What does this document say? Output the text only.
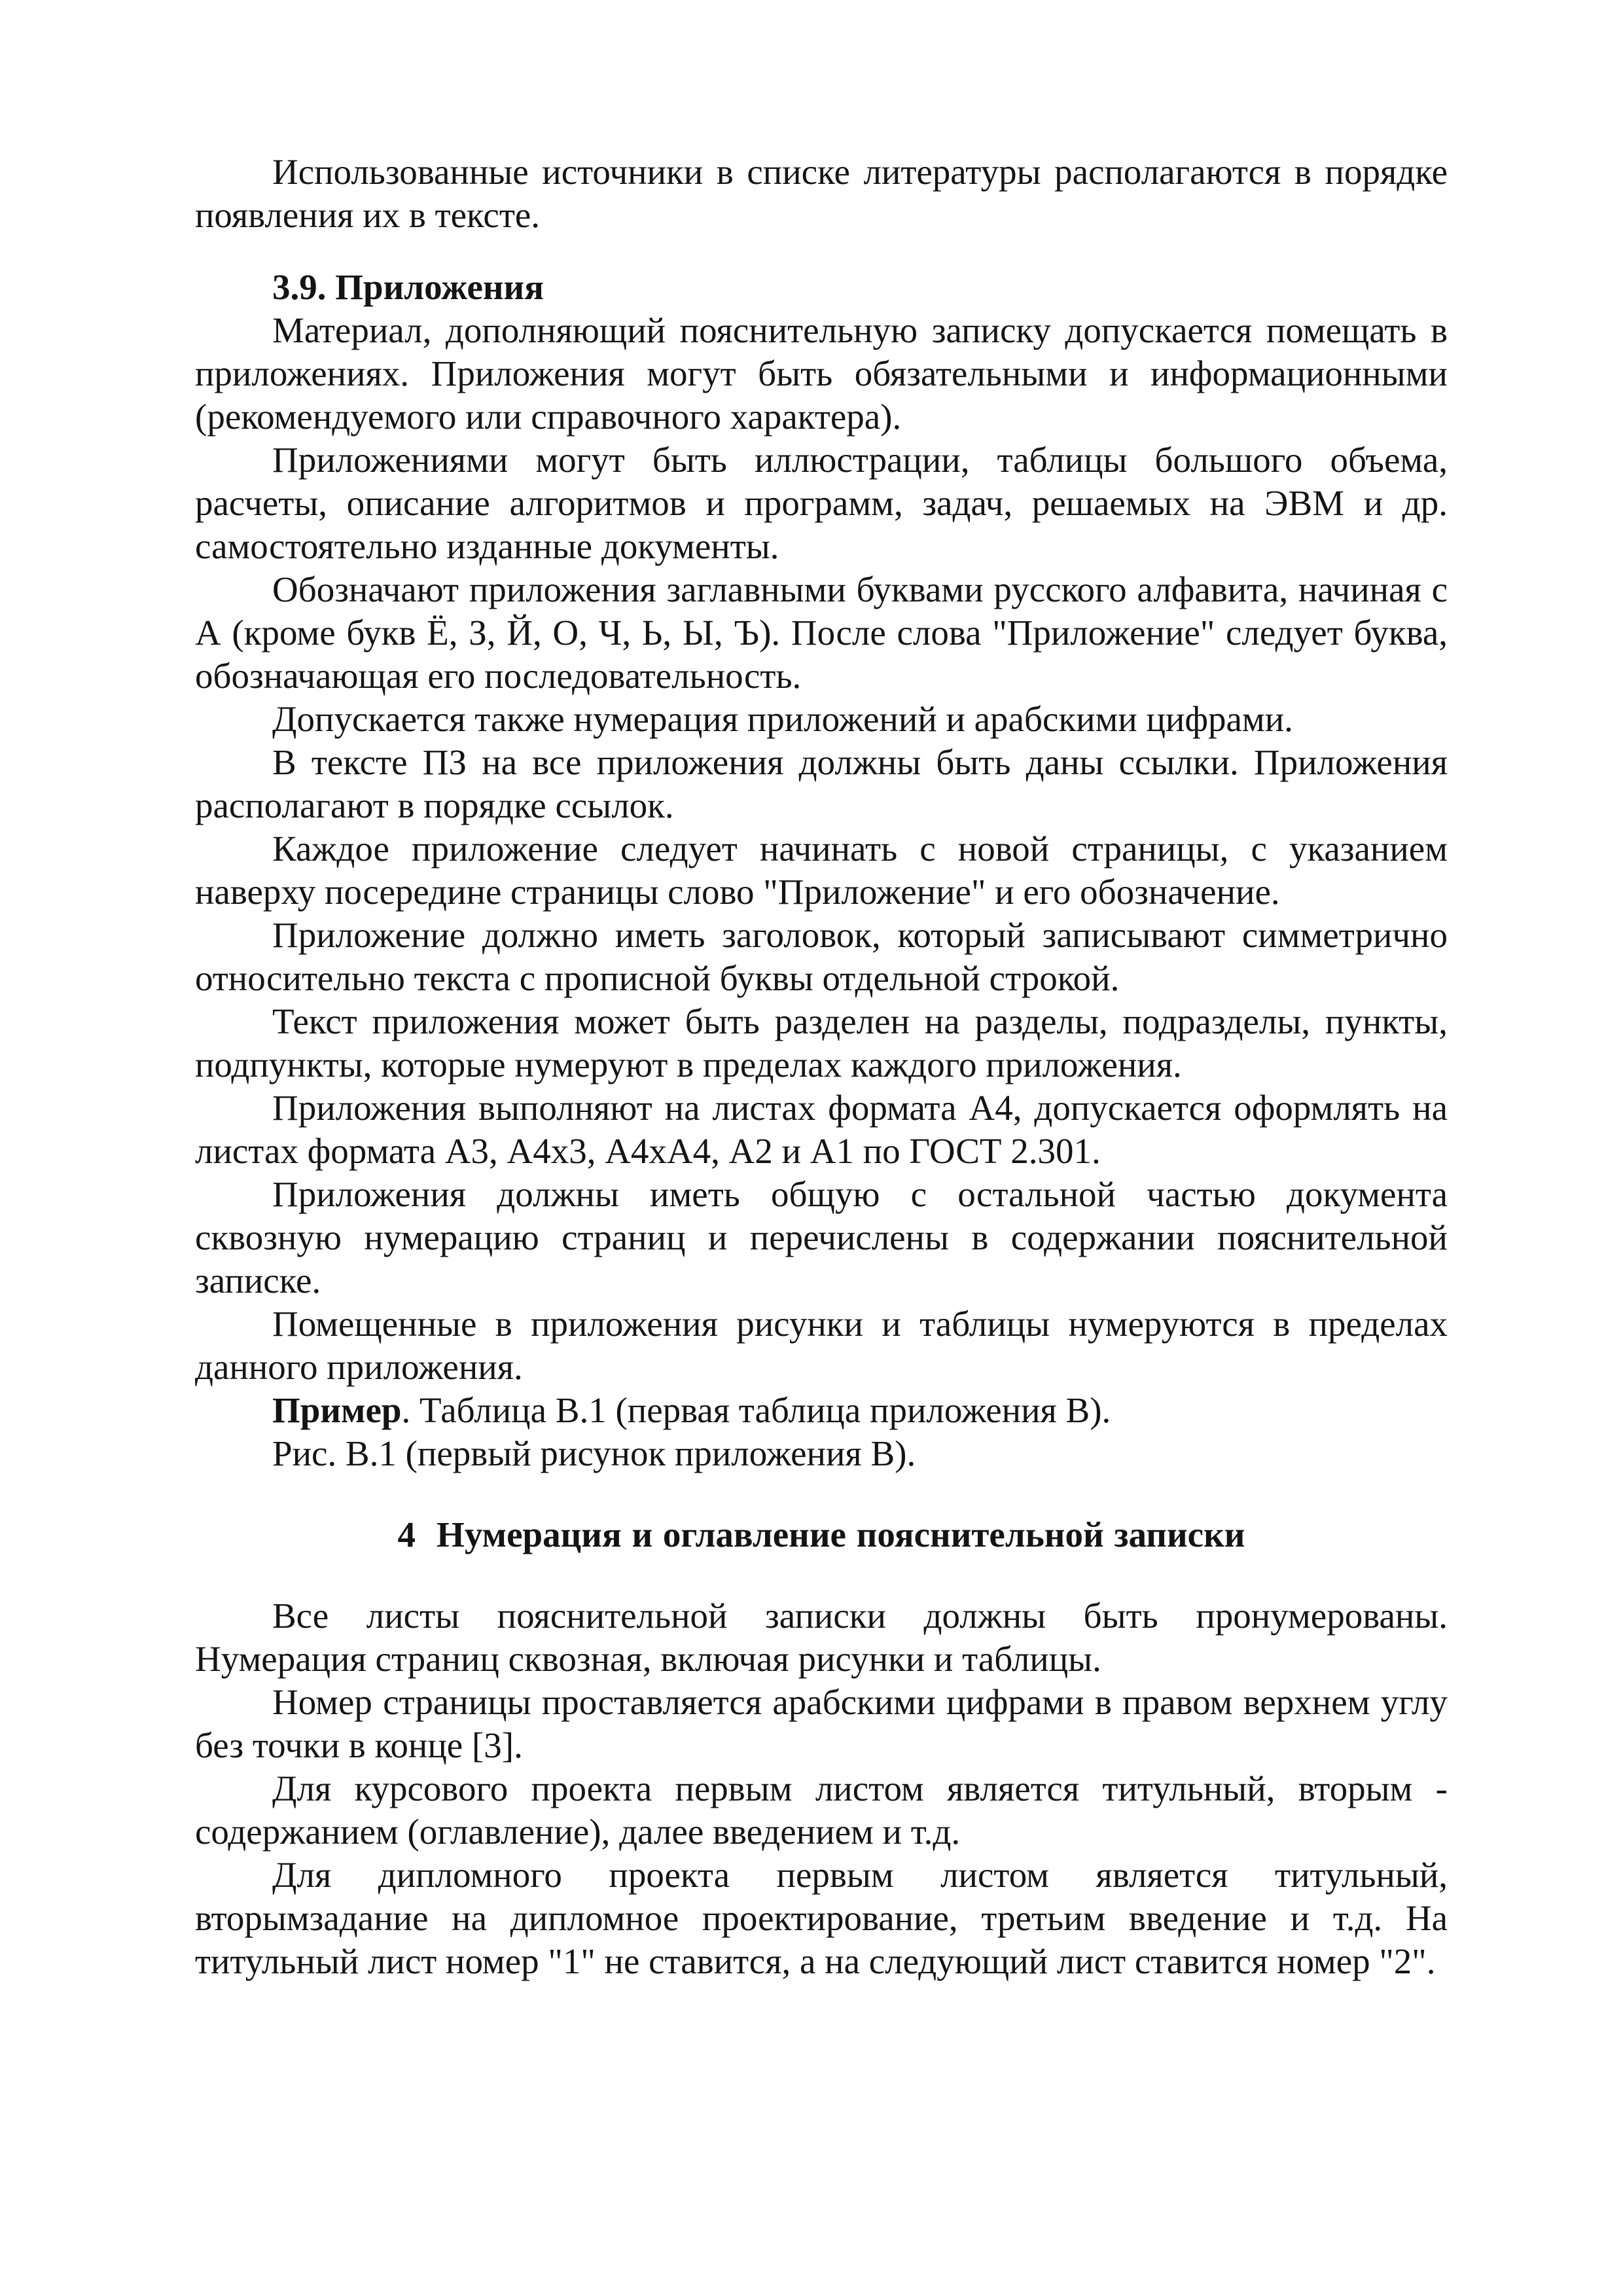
Использованные источники в списке литературы располагаются в порядке появления их в тексте.

3.9. Приложения

Материал, дополняющий пояснительную записку допускается помещать в приложениях. Приложения могут быть обязательными и информационными (рекомендуемого или справочного характера).

Приложениями могут быть иллюстрации, таблицы большого объема, расчеты, описание алгоритмов и программ, задач, решаемых на ЭВМ и др. самостоятельно изданные документы.

Обозначают приложения заглавными буквами русского алфавита, начиная с А (кроме букв Ё, З, Й, О, Ч, Ь, Ы, Ъ). После слова "Приложение" следует буква, обозначающая его последовательность.

Допускается также нумерация приложений и арабскими цифрами.

В тексте ПЗ на все приложения должны быть даны ссылки. Приложения располагают в порядке ссылок.

Каждое приложение следует начинать с новой страницы, с указанием наверху посередине страницы слово "Приложение" и его обозначение.

Приложение должно иметь заголовок, который записывают симметрично относительно текста с прописной буквы отдельной строкой.

Текст приложения может быть разделен на разделы, подразделы, пункты, подпункты, которые нумеруют в пределах каждого приложения.

Приложения выполняют на листах формата А4, допускается оформлять на листах формата А3, А4х3, А4хА4, А2 и А1 по ГОСТ 2.301.

Приложения должны иметь общую с остальной частью документа сквозную нумерацию страниц и перечислены в содержании пояснительной записке.

Помещенные в приложения рисунки и таблицы нумеруются в пределах данного приложения.

Пример. Таблица В.1 (первая таблица приложения В).

Рис. В.1 (первый рисунок приложения В).

4 Нумерация и оглавление пояснительной записки

Все листы пояснительной записки должны быть пронумерованы. Нумерация страниц сквозная, включая рисунки и таблицы.

Номер страницы проставляется арабскими цифрами в правом верхнем углу без точки в конце [3].

Для курсового проекта первым листом является титульный, вторым - содержанием (оглавление), далее введением и т.д.

Для дипломного проекта первым листом является титульный, вторымзадание на дипломное проектирование, третьим введение и т.д. На титульный лист номер "1" не ставится, а на следующий лист ставится номер "2".
